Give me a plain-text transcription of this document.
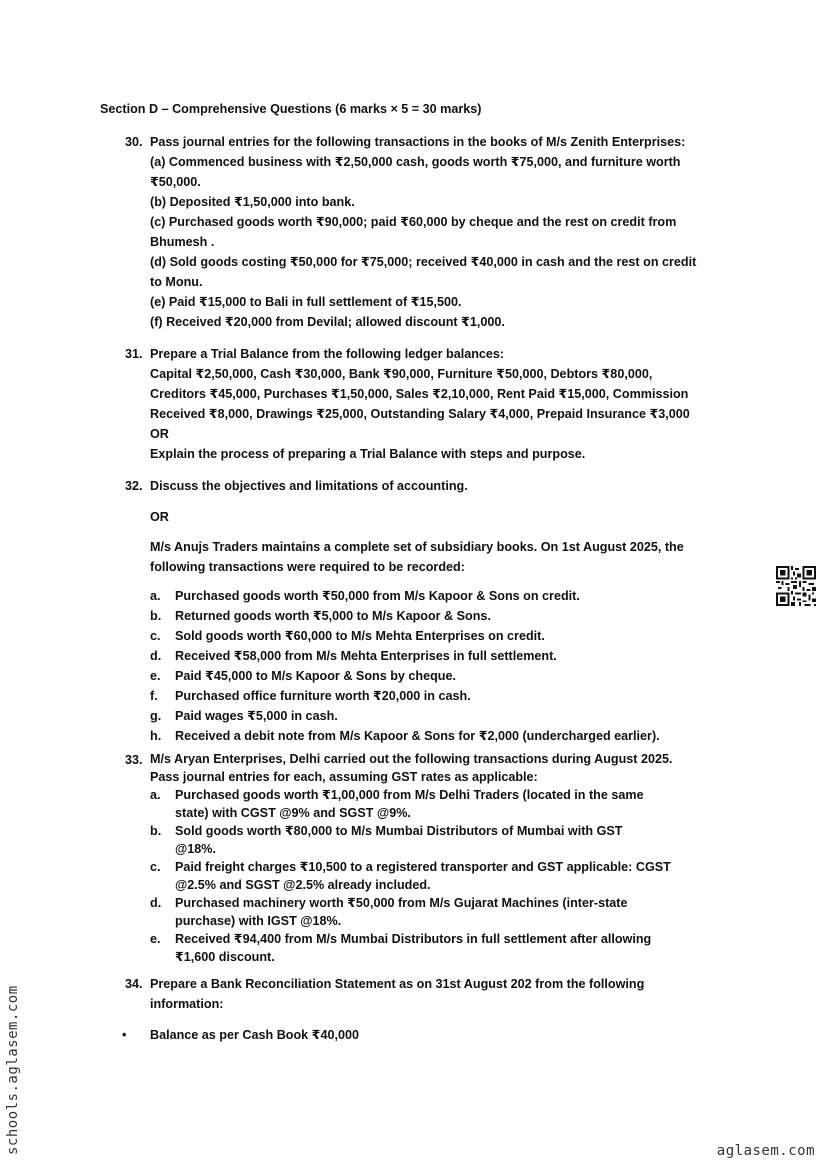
Section D – Comprehensive Questions (6 marks × 5 = 30 marks)
30. Pass journal entries for the following transactions in the books of M/s Zenith Enterprises:
(a) Commenced business with ₹2,50,000 cash, goods worth ₹75,000, and furniture worth
₹50,000.
(b) Deposited ₹1,50,000 into bank.
(c) Purchased goods worth ₹90,000; paid ₹60,000 by cheque and the rest on credit from
Bhumesh .
(d) Sold goods costing ₹50,000 for ₹75,000; received ₹40,000 in cash and the rest on credit
to Monu.
(e) Paid ₹15,000 to Bali in full settlement of ₹15,500.
(f) Received ₹20,000 from Devilal; allowed discount ₹1,000.
31. Prepare a Trial Balance from the following ledger balances:
Capital ₹2,50,000, Cash ₹30,000, Bank ₹90,000, Furniture ₹50,000, Debtors ₹80,000,
Creditors ₹45,000, Purchases ₹1,50,000, Sales ₹2,10,000, Rent Paid ₹15,000, Commission
Received ₹8,000, Drawings ₹25,000, Outstanding Salary ₹4,000, Prepaid Insurance ₹3,000
OR
Explain the process of preparing a Trial Balance with steps and purpose.
32. Discuss the objectives and limitations of accounting.
OR
M/s Anujs Traders maintains a complete set of subsidiary books. On 1st August 2025, the
following transactions were required to be recorded:
a. Purchased goods worth ₹50,000 from M/s Kapoor & Sons on credit.
b. Returned goods worth ₹5,000 to M/s Kapoor & Sons.
c. Sold goods worth ₹60,000 to M/s Mehta Enterprises on credit.
d. Received ₹58,000 from M/s Mehta Enterprises in full settlement.
e. Paid ₹45,000 to M/s Kapoor & Sons by cheque.
f. Purchased office furniture worth ₹20,000 in cash.
g. Paid wages ₹5,000 in cash.
h. Received a debit note from M/s Kapoor & Sons for ₹2,000 (undercharged earlier).
33. M/s Aryan Enterprises, Delhi carried out the following transactions during August 2025.
Pass journal entries for each, assuming GST rates as applicable:
a. Purchased goods worth ₹1,00,000 from M/s Delhi Traders (located in the same
state) with CGST @9% and SGST @9%.
b. Sold goods worth ₹80,000 to M/s Mumbai Distributors of Mumbai with GST
@18%.
c. Paid freight charges ₹10,500 to a registered transporter and GST applicable: CGST
@2.5% and SGST @2.5% already included.
d. Purchased machinery worth ₹50,000 from M/s Gujarat Machines (inter-state
purchase) with IGST @18%.
e. Received ₹94,400 from M/s Mumbai Distributors in full settlement after allowing
₹1,600 discount.
34. Prepare a Bank Reconciliation Statement as on 31st August 202 from the following
information:
• Balance as per Cash Book ₹40,000
schools.aglasem.com	aglasem.com
